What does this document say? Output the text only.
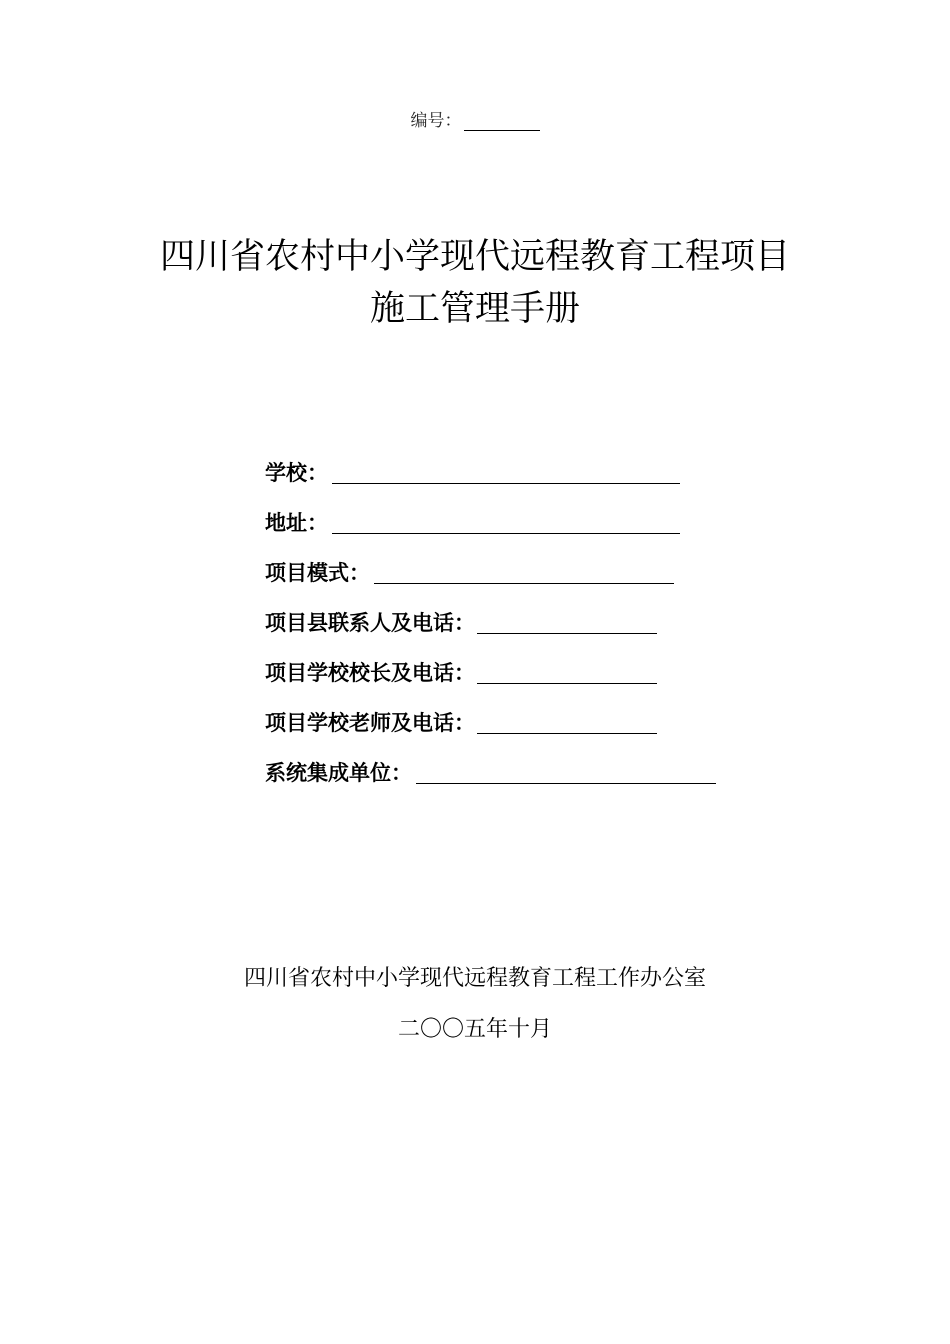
编号：
四川省农村中小学现代远程教育工程项目
施工管理手册
学校：
地址：
项目模式：
项目县联系人及电话：
项目学校校长及电话：
项目学校老师及电话：
系统集成单位：
四川省农村中小学现代远程教育工程工作办公室
二〇〇五年十月
